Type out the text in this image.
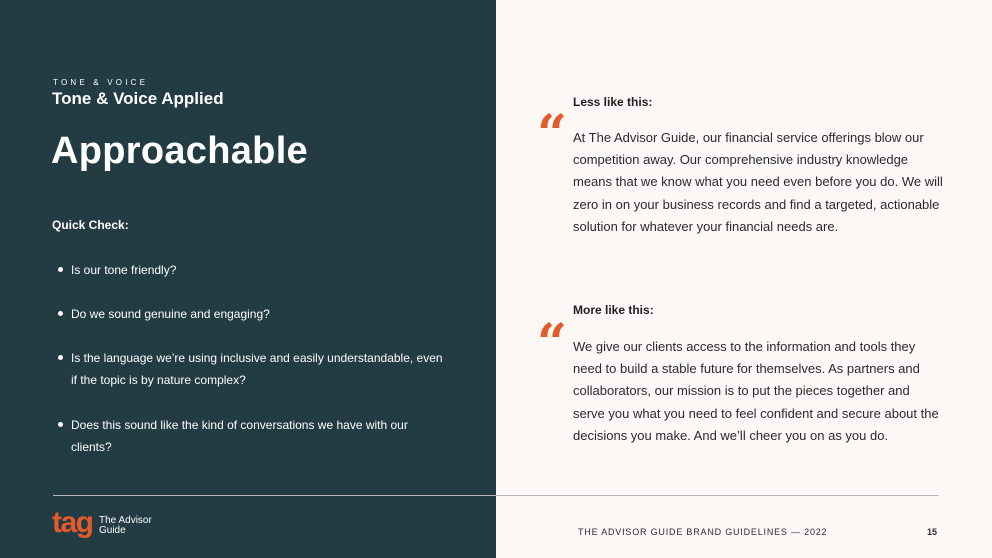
TONE & VOICE
Tone & Voice Applied
Approachable
Quick Check:
Is our tone friendly?
Do we sound genuine and engaging?
Is the language we’re using inclusive and easily understandable, even if the topic is by nature complex?
Does this sound like the kind of conversations we have with our clients?
tag The Advisor
Guide
Less like this:
“ At The Advisor Guide, our financial service offerings blow our competition away. Our comprehensive industry knowledge means that we know what you need even before you do. We will zero in on your business records and find a targeted, actionable solution for whatever your financial needs are.

More like this:
“ We give our clients access to the information and tools they need to build a stable future for themselves. As partners and collaborators, our mission is to put the pieces together and serve you what you need to feel confident and secure about the decisions you make. And we’ll cheer you on as you do.

THE ADVISOR GUIDE BRAND GUIDELINES — 2022	15
